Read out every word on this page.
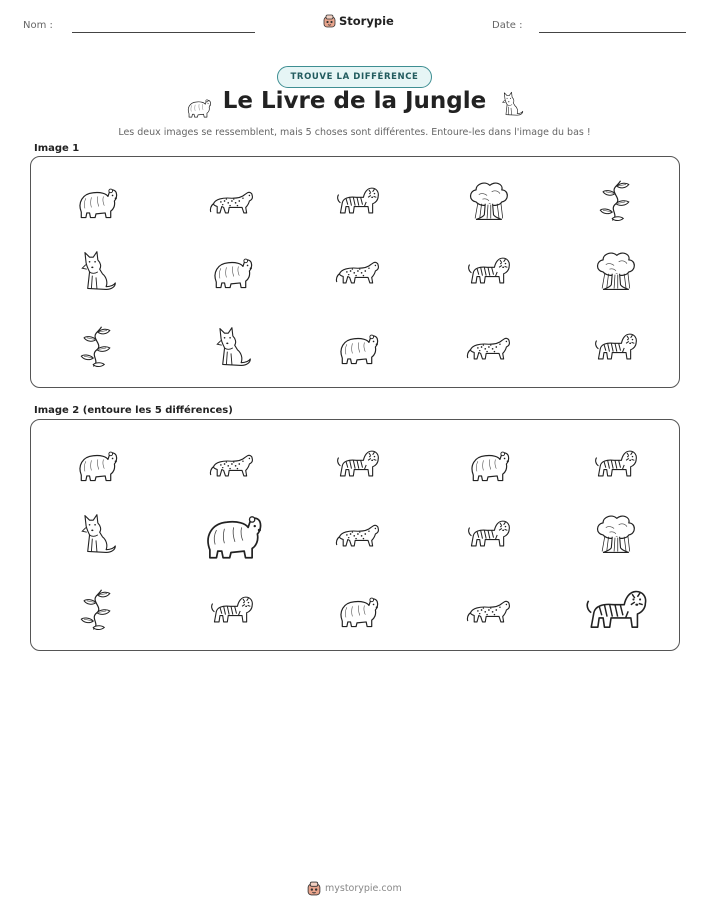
Nom :	Storypie	Date :
TROUVE LA DIFFÉRENCE
Le Livre de la Jungle
Les deux images se ressemblent, mais 5 choses sont différentes. Entoure-les dans l'image du bas !
Image 1
Image 2 (entoure les 5 différences)
mystorypie.com
